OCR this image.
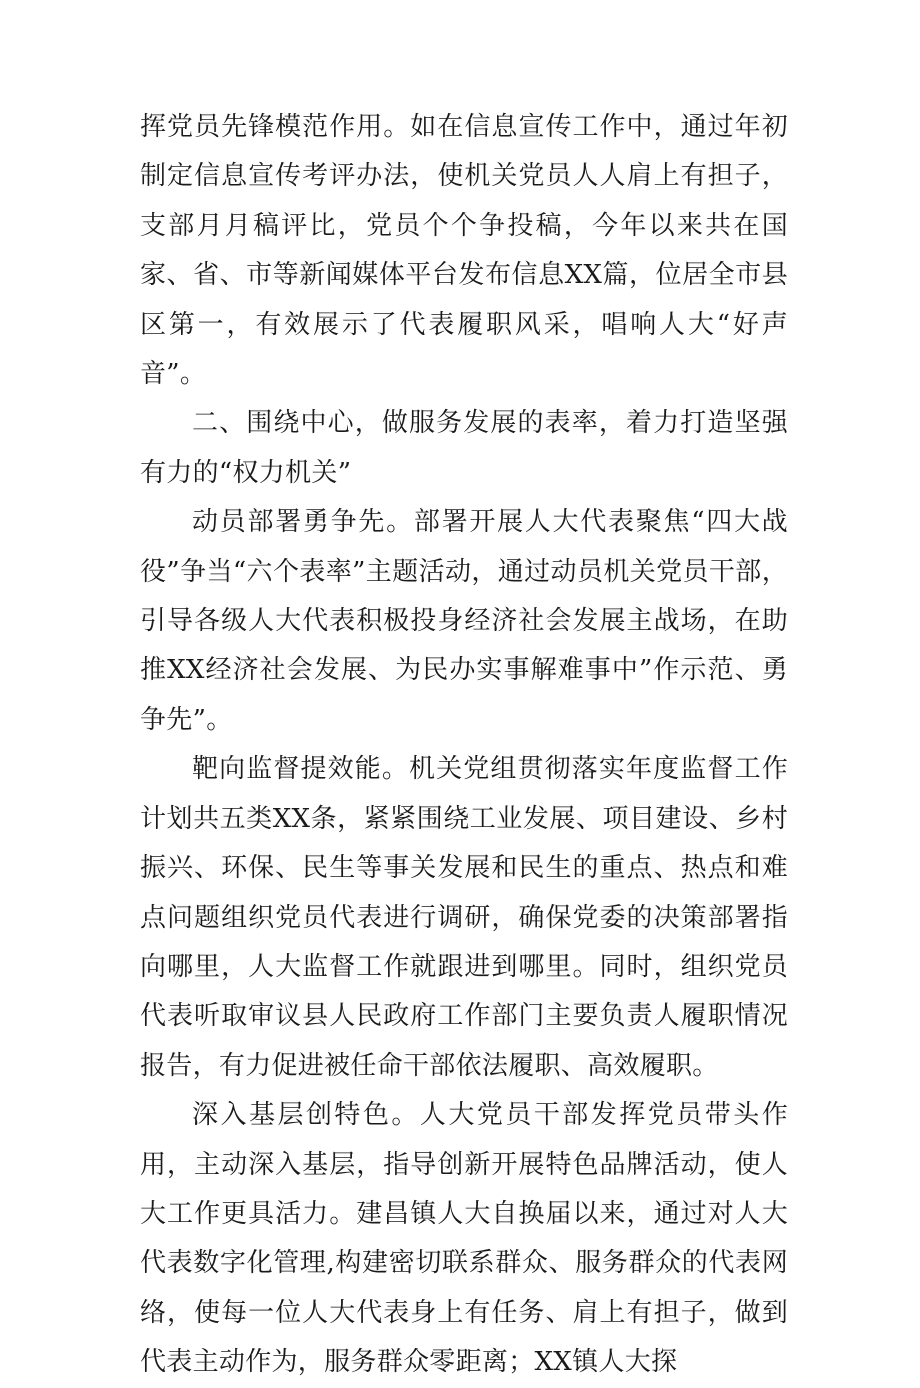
挥党员先锋模范作用。如在信息宣传工作中，通过年初制定信息宣传考评办法，使机关党员人人肩上有担子，支部月月稿评比，党员个个争投稿，今年以来共在国家、省、市等新闻媒体平台发布信息XX篇，位居全市县区第一，有效展示了代表履职风采，唱响人大“好声音”。

二、围绕中心，做服务发展的表率，着力打造坚强有力的“权力机关”

动员部署勇争先。部署开展人大代表聚焦“四大战役”争当“六个表率”主题活动，通过动员机关党员干部，引导各级人大代表积极投身经济社会发展主战场，在助推XX经济社会发展、为民办实事解难事中”作示范、勇争先”。

靶向监督提效能。机关党组贯彻落实年度监督工作计划共五类XX条，紧紧围绕工业发展、项目建设、乡村振兴、环保、民生等事关发展和民生的重点、热点和难点问题组织党员代表进行调研，确保党委的决策部署指向哪里，人大监督工作就跟进到哪里。同时，组织党员代表听取审议县人民政府工作部门主要负责人履职情况报告，有力促进被任命干部依法履职、高效履职。

深入基层创特色。人大党员干部发挥党员带头作用，主动深入基层，指导创新开展特色品牌活动，使人大工作更具活力。建昌镇人大自换届以来，通过对人大代表数字化管理,构建密切联系群众、服务群众的代表网络，使每一位人大代表身上有任务、肩上有担子，做到代表主动作为，服务群众零距离；XX镇人大探
